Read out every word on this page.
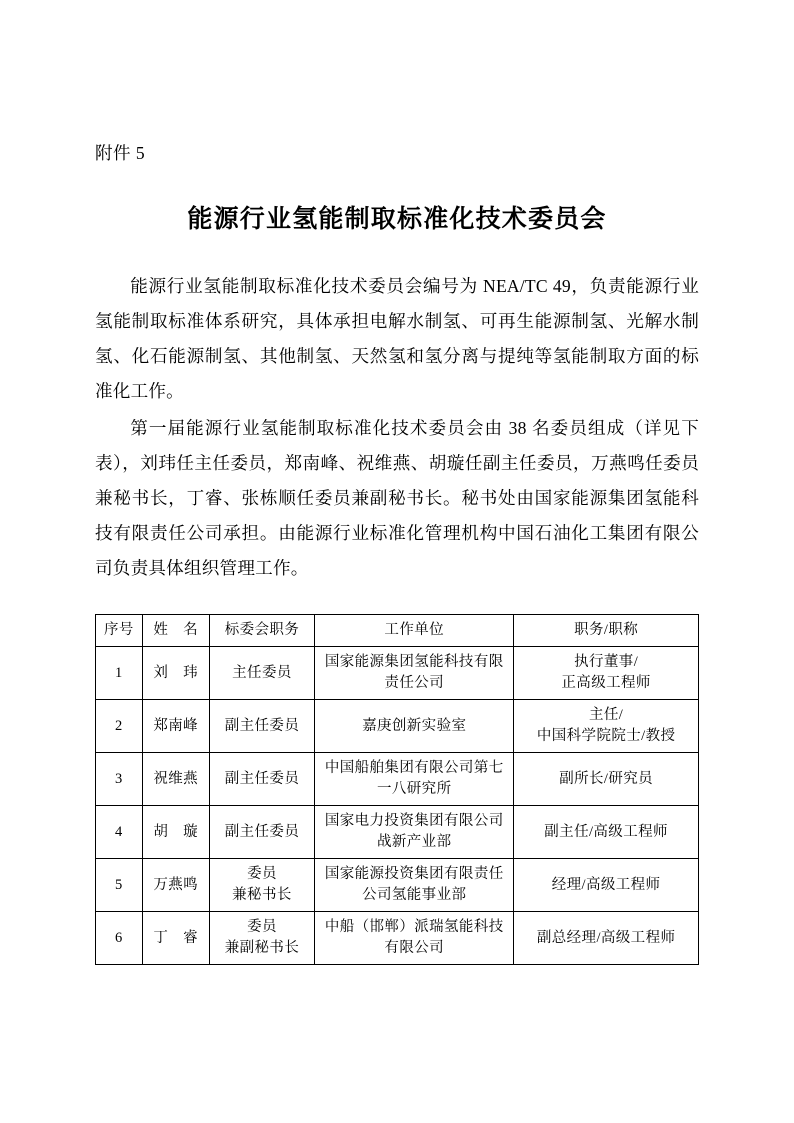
附件 5
能源行业氢能制取标准化技术委员会

能源行业氢能制取标准化技术委员会编号为 NEA/TC 49，负责能源行业氢能制取标准体系研究，具体承担电解水制氢、可再生能源制氢、光解水制氢、化石能源制氢、其他制氢、天然氢和氢分离与提纯等氢能制取方面的标准化工作。

第一届能源行业氢能制取标准化技术委员会由 38 名委员组成（详见下表），刘玮任主任委员，郑南峰、祝维燕、胡璇任副主任委员，万燕鸣任委员兼秘书长，丁睿、张栋顺任委员兼副秘书长。秘书处由国家能源集团氢能科技有限责任公司承担。由能源行业标准化管理机构中国石油化工集团有限公司负责具体组织管理工作。

序号	姓　名	标委会职务	工作单位	职务/职称
1	刘　玮	主任委员	国家能源集团氢能科技有限
责任公司	执行董事/
正高级工程师

2	郑南峰	副主任委员	嘉庚创新实验室	主任/
中国科学院院士/教授

3	祝维燕	副主任委员	中国船舶集团有限公司第七
一八研究所	副所长/研究员

4	胡　璇	副主任委员	国家电力投资集团有限公司
战新产业部	副主任/高级工程师

5	万燕鸣	委员
兼秘书长	国家能源投资集团有限责任
公司氢能事业部	经理/高级工程师

6	丁　睿	委员
兼副秘书长	中船（邯郸）派瑞氢能科技
有限公司	副总经理/高级工程师
